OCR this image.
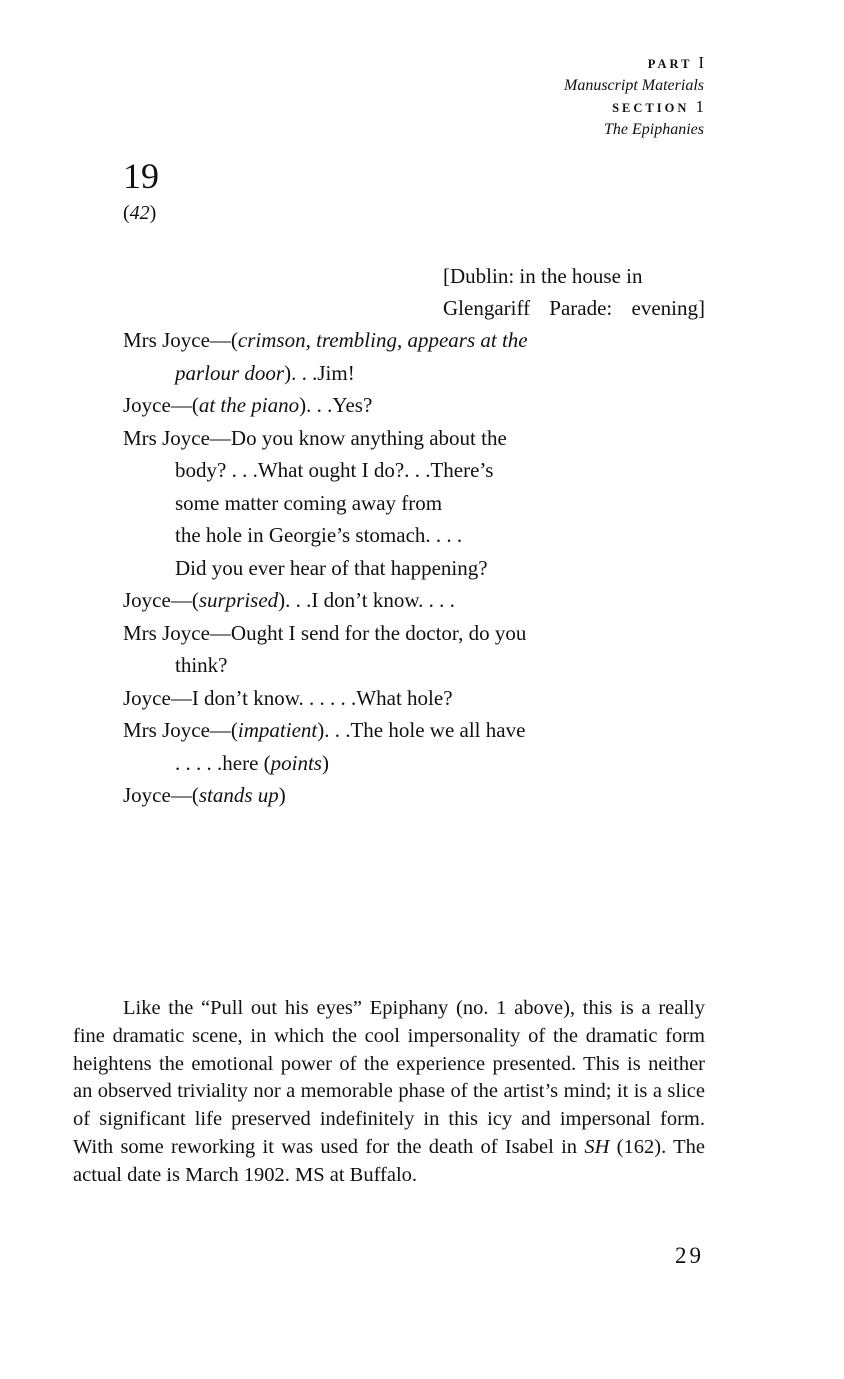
PART I
Manuscript Materials
SECTION 1
The Epiphanies
19
(42)
[Dublin: in the house in
Glengariff Parade: evening]
Mrs Joyce—(crimson, trembling, appears at the
parlour door). . .Jim!
Joyce—(at the piano). . .Yes?
Mrs Joyce—Do you know anything about the
body? . . .What ought I do?. . .There’s
some matter coming away from
the hole in Georgie’s stomach. . . .
Did you ever hear of that happening?
Joyce—(surprised). . .I don’t know. . . .
Mrs Joyce—Ought I send for the doctor, do you
think?
Joyce—I don’t know. . . . . .What hole?
Mrs Joyce—(impatient). . .The hole we all have
. . . . .here (points)
Joyce—(stands up)

Like the “Pull out his eyes” Epiphany (no. 1 above), this is a really fine dramatic scene, in which the cool impersonality of the dramatic form heightens the emotional power of the experience presented. This is neither an observed triviality nor a memorable phase of the artist’s mind; it is a slice of significant life preserved indefinitely in this icy and impersonal form. With some reworking it was used for the death of Isabel in SH (162). The actual date is March 1902. MS at Buffalo.

29
